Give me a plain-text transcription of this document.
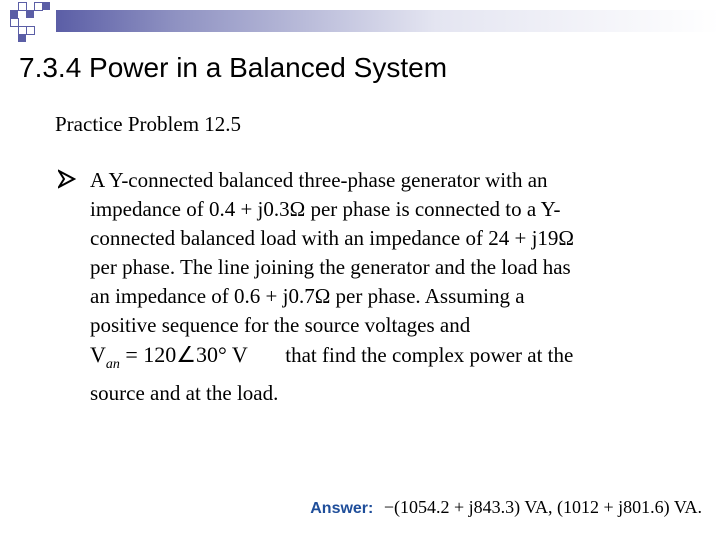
7.3.4 Power in a Balanced System
Practice Problem 12.5
A Y-connected balanced three-phase generator with an
impedance of 0.4 + j0.3Ω per phase is connected to a Y-
connected balanced load with an impedance of 24 + j19Ω
per phase. The line joining the generator and the load has
an impedance of 0.6 + j0.7Ω per phase. Assuming a
positive sequence for the source voltages and
$V_{an}$ = 120∠30° V that find the complex power at the
source and at the load.
Answer: −(1054.2 + j843.3) VA, (1012 + j801.6) VA.
